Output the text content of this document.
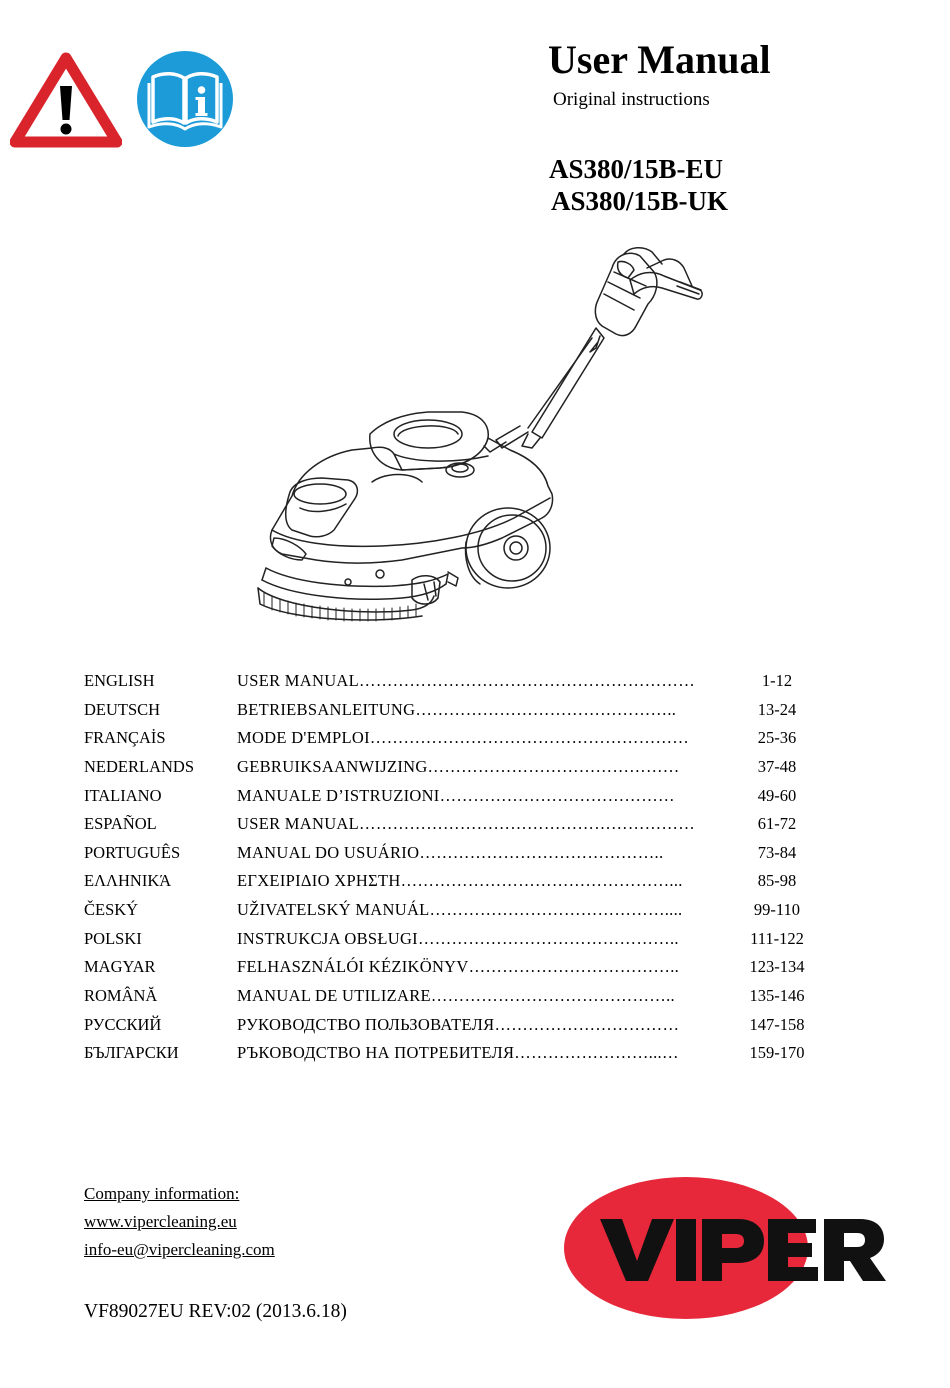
User Manual
Original instructions
AS380/15B-EU
AS380/15B-UK
ENGLISH	USER MANUAL……………………………………………………	1-12
DEUTSCH	BETRIEBSANLEITUNG………………………………………..	13-24
FRANÇAİS	MODE D'EMPLOI…………………………………………………	25-36
NEDERLANDS	GEBRUIKSAANWIJZING………………………………………	37-48
ITALIANO	MANUALE D’ISTRUZIONI……………………………………	49-60
ESPAÑOL	USER MANUAL……………………………………………………	61-72
PORTUGUÊS	MANUAL DO USUÁRIO……………………………………..	73-84
ΕΛΛΗΝΙΚΆ	ΕΓΧΕΙΡΙΔΙΟ ΧΡΗΣΤΗ…………………………………………...	85-98
ČESKÝ	UŽIVATELSKÝ MANUÁL……………………………………....	99-110
POLSKI	INSTRUKCJA OBSŁUGI………………………………………..	111-122
MAGYAR	FELHASZNÁLÓI KÉZIKÖNYV………………………………..	123-134
ROMÂNĂ	MANUAL DE UTILIZARE……………………………………..	135-146
РУССКИЙ	РУКОВОДСТВО ПОЛЬЗОВАТЕЛЯ……………………………	147-158
БЪЛГАРСКИ	РЪКОВОДСТВО НА ПОТРЕБИТЕЛЯ……………………...…	159-170
Company information:
www.vipercleaning.eu
info-eu@vipercleaning.com
VF89027EU REV:02 (2013.6.18)
